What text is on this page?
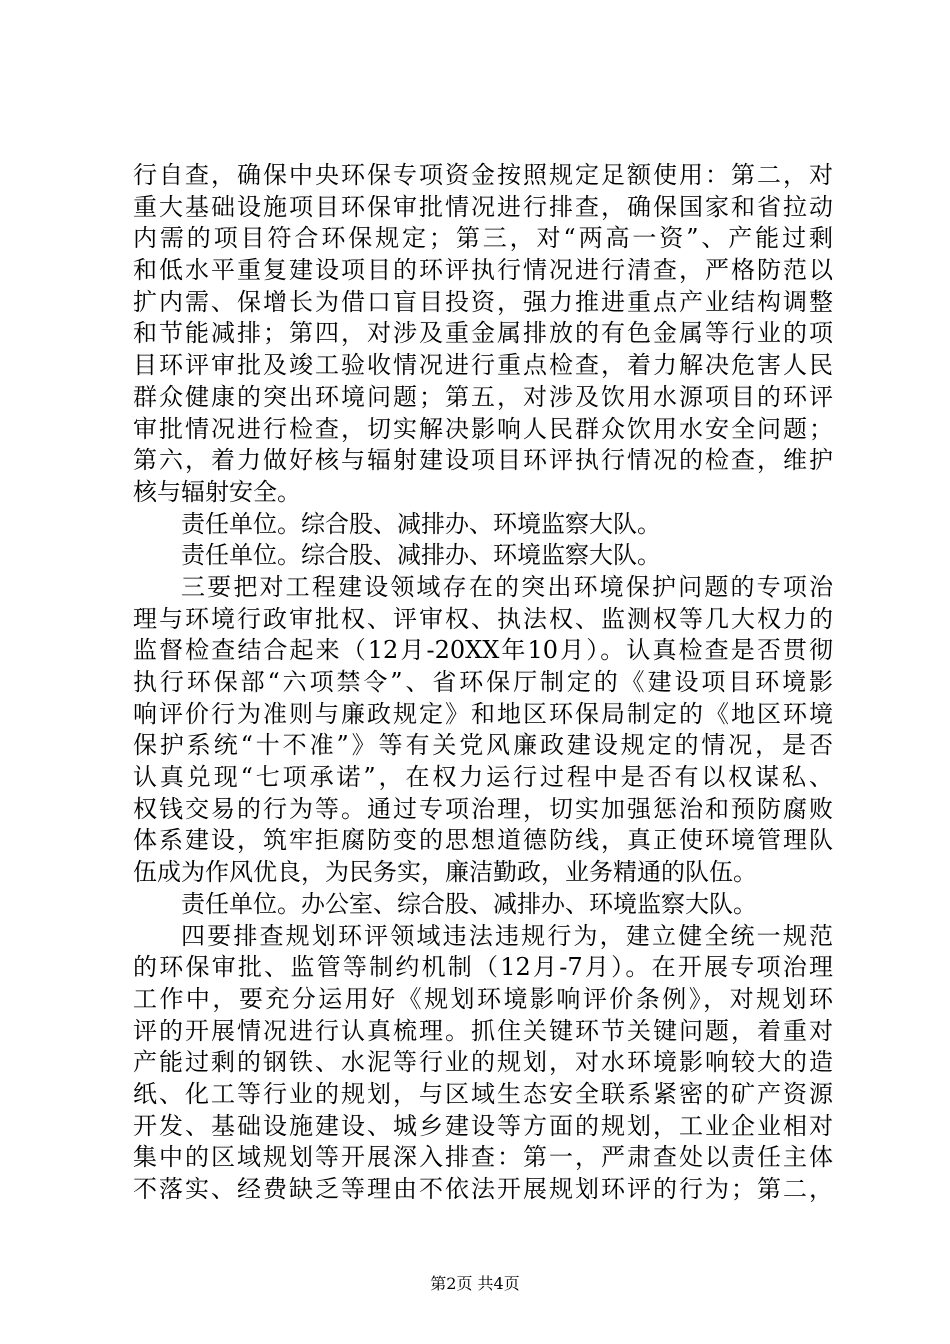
行自查，确保中央环保专项资金按照规定足额使用：第二，对
重大基础设施项目环保审批情况进行排查，确保国家和省拉动
内需的项目符合环保规定；第三，对“两高一资”、产能过剩
和低水平重复建设项目的环评执行情况进行清查，严格防范以
扩内需、保增长为借口盲目投资，强力推进重点产业结构调整
和节能减排；第四，对涉及重金属排放的有色金属等行业的项
目环评审批及竣工验收情况进行重点检查，着力解决危害人民
群众健康的突出环境问题；第五，对涉及饮用水源项目的环评
审批情况进行检查，切实解决影响人民群众饮用水安全问题；
第六，着力做好核与辐射建设项目环评执行情况的检查，维护
核与辐射安全。
责任单位。综合股、减排办、环境监察大队。
责任单位。综合股、减排办、环境监察大队。
三要把对工程建设领域存在的突出环境保护问题的专项治
理与环境行政审批权、评审权、执法权、监测权等几大权力的
监督检查结合起来（12月-20XX年10月）。认真检查是否贯彻
执行环保部“六项禁令”、省环保厅制定的《建设项目环境影
响评价行为准则与廉政规定》和地区环保局制定的《地区环境
保护系统“十不准”》等有关党风廉政建设规定的情况，是否
认真兑现“七项承诺”，在权力运行过程中是否有以权谋私、
权钱交易的行为等。通过专项治理，切实加强惩治和预防腐败
体系建设，筑牢拒腐防变的思想道德防线，真正使环境管理队
伍成为作风优良，为民务实，廉洁勤政，业务精通的队伍。
责任单位。办公室、综合股、减排办、环境监察大队。
四要排查规划环评领域违法违规行为，建立健全统一规范
的环保审批、监管等制约机制（12月-7月）。在开展专项治理
工作中，要充分运用好《规划环境影响评价条例》，对规划环
评的开展情况进行认真梳理。抓住关键环节关键问题，着重对
产能过剩的钢铁、水泥等行业的规划，对水环境影响较大的造
纸、化工等行业的规划，与区域生态安全联系紧密的矿产资源
开发、基础设施建设、城乡建设等方面的规划，工业企业相对
集中的区域规划等开展深入排查：第一，严肃查处以责任主体
不落实、经费缺乏等理由不依法开展规划环评的行为；第二，
第2页 共4页
